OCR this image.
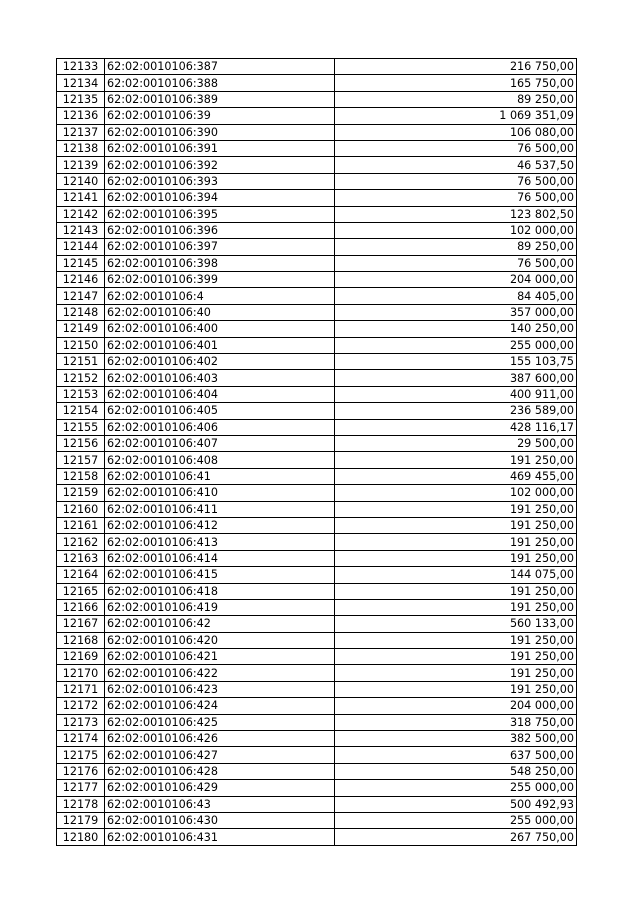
12133	62:02:0010106:387	216 750,00
12134	62:02:0010106:388	165 750,00
12135	62:02:0010106:389	89 250,00
12136	62:02:0010106:39	1 069 351,09
12137	62:02:0010106:390	106 080,00
12138	62:02:0010106:391	76 500,00
12139	62:02:0010106:392	46 537,50
12140	62:02:0010106:393	76 500,00
12141	62:02:0010106:394	76 500,00
12142	62:02:0010106:395	123 802,50
12143	62:02:0010106:396	102 000,00
12144	62:02:0010106:397	89 250,00
12145	62:02:0010106:398	76 500,00
12146	62:02:0010106:399	204 000,00
12147	62:02:0010106:4	84 405,00
12148	62:02:0010106:40	357 000,00
12149	62:02:0010106:400	140 250,00
12150	62:02:0010106:401	255 000,00
12151	62:02:0010106:402	155 103,75
12152	62:02:0010106:403	387 600,00
12153	62:02:0010106:404	400 911,00
12154	62:02:0010106:405	236 589,00
12155	62:02:0010106:406	428 116,17
12156	62:02:0010106:407	29 500,00
12157	62:02:0010106:408	191 250,00
12158	62:02:0010106:41	469 455,00
12159	62:02:0010106:410	102 000,00
12160	62:02:0010106:411	191 250,00
12161	62:02:0010106:412	191 250,00
12162	62:02:0010106:413	191 250,00
12163	62:02:0010106:414	191 250,00
12164	62:02:0010106:415	144 075,00
12165	62:02:0010106:418	191 250,00
12166	62:02:0010106:419	191 250,00
12167	62:02:0010106:42	560 133,00
12168	62:02:0010106:420	191 250,00
12169	62:02:0010106:421	191 250,00
12170	62:02:0010106:422	191 250,00
12171	62:02:0010106:423	191 250,00
12172	62:02:0010106:424	204 000,00
12173	62:02:0010106:425	318 750,00
12174	62:02:0010106:426	382 500,00
12175	62:02:0010106:427	637 500,00
12176	62:02:0010106:428	548 250,00
12177	62:02:0010106:429	255 000,00
12178	62:02:0010106:43	500 492,93
12179	62:02:0010106:430	255 000,00
12180	62:02:0010106:431	267 750,00
